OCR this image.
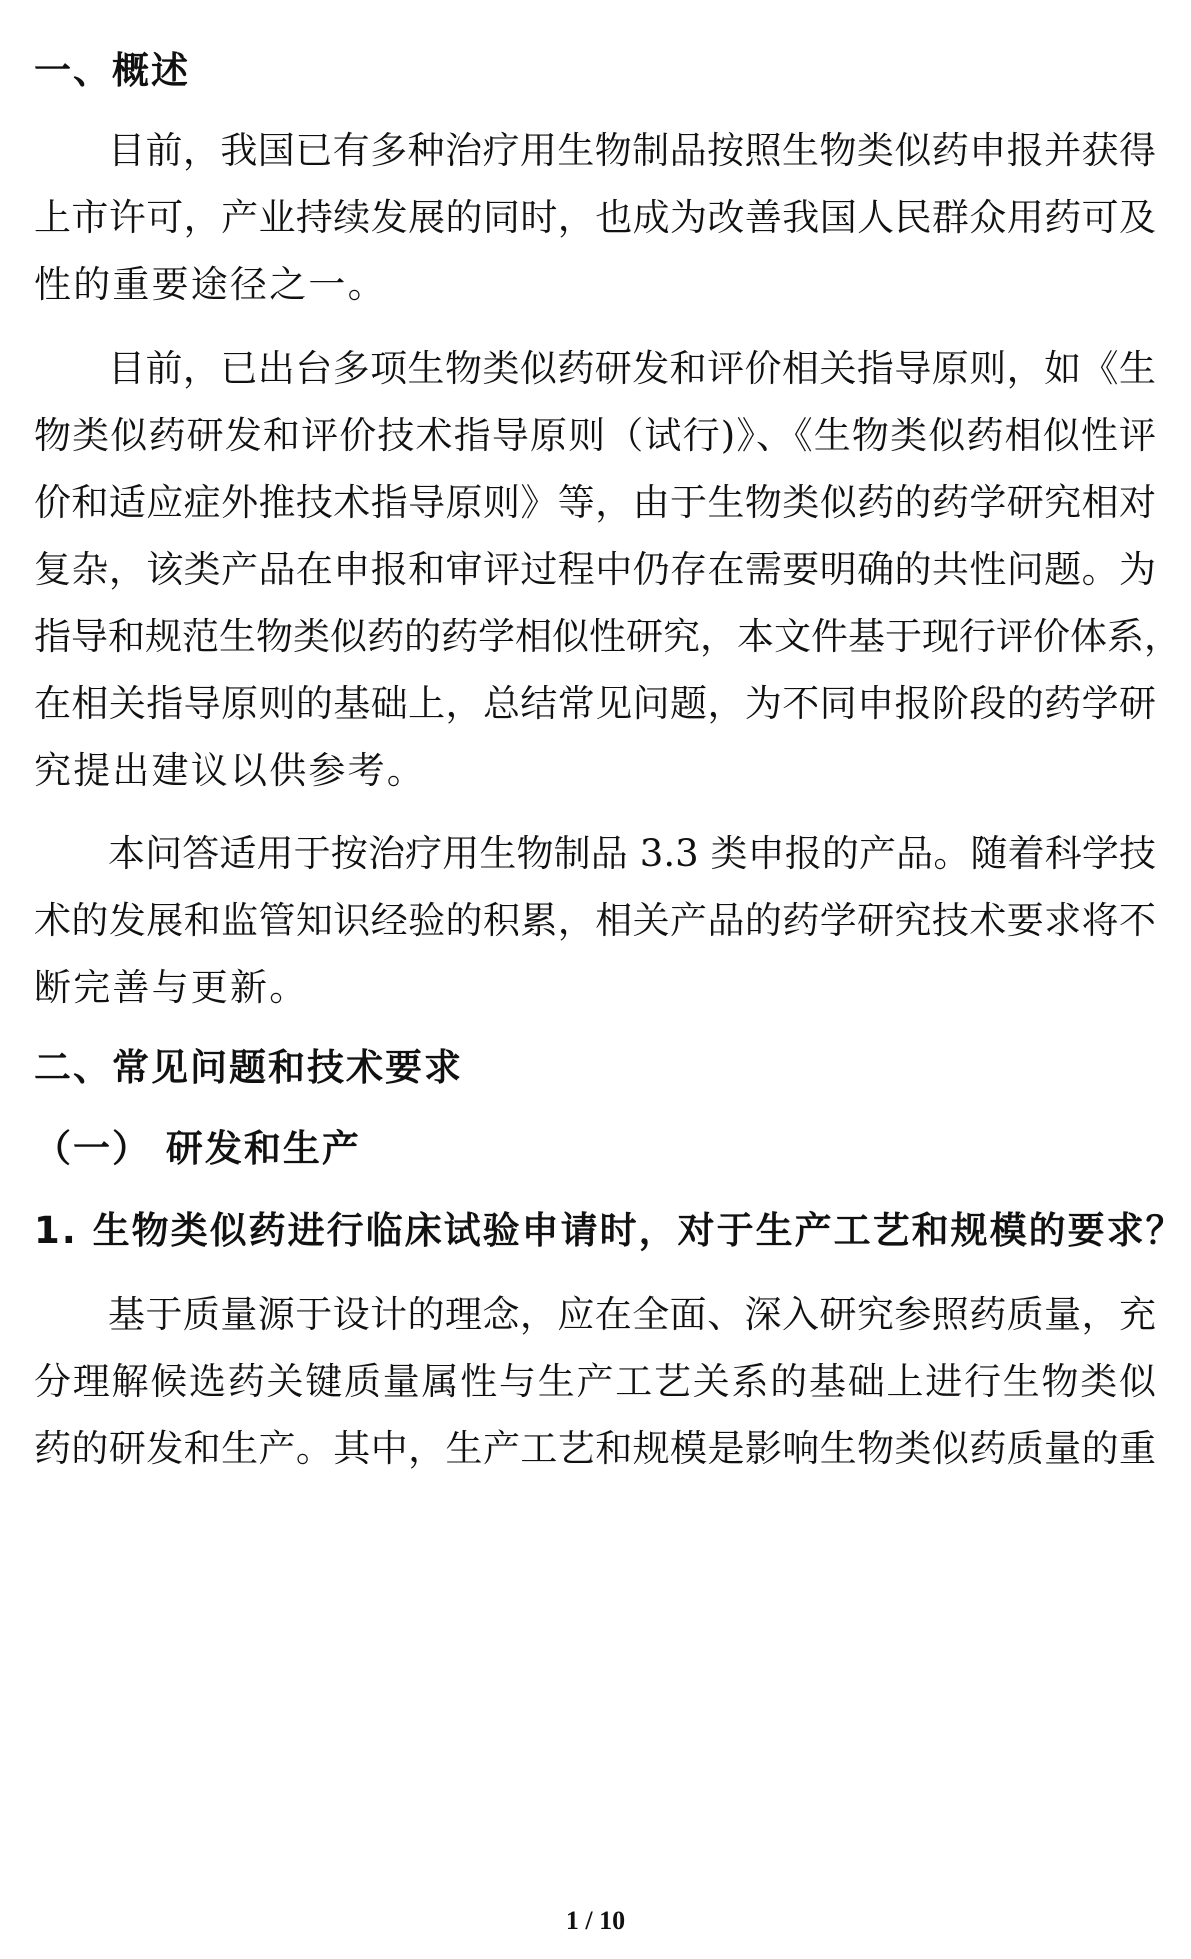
一、概述
目前，我国已有多种治疗用生物制品按照生物类似药申报并获得
上市许可，产业持续发展的同时，也成为改善我国人民群众用药可及
性的重要途径之一。
目前，已出台多项生物类似药研发和评价相关指导原则，如《生
物类似药研发和评价技术指导原则（试行)》、《生物类似药相似性评
价和适应症外推技术指导原则》等，由于生物类似药的药学研究相对
复杂，该类产品在申报和审评过程中仍存在需要明确的共性问题。为
指导和规范生物类似药的药学相似性研究，本文件基于现行评价体系，
在相关指导原则的基础上，总结常见问题，为不同申报阶段的药学研
究提出建议以供参考。
本问答适用于按治疗用生物制品 3.3 类申报的产品。随着科学技
术的发展和监管知识经验的积累，相关产品的药学研究技术要求将不
断完善与更新。
二、常见问题和技术要求
（一） 研发和生产
1. 生物类似药进行临床试验申请时，对于生产工艺和规模的要求？
基于质量源于设计的理念，应在全面、深入研究参照药质量，充
分理解候选药关键质量属性与生产工艺关系的基础上进行生物类似
药的研发和生产。其中，生产工艺和规模是影响生物类似药质量的重
1 / 10
